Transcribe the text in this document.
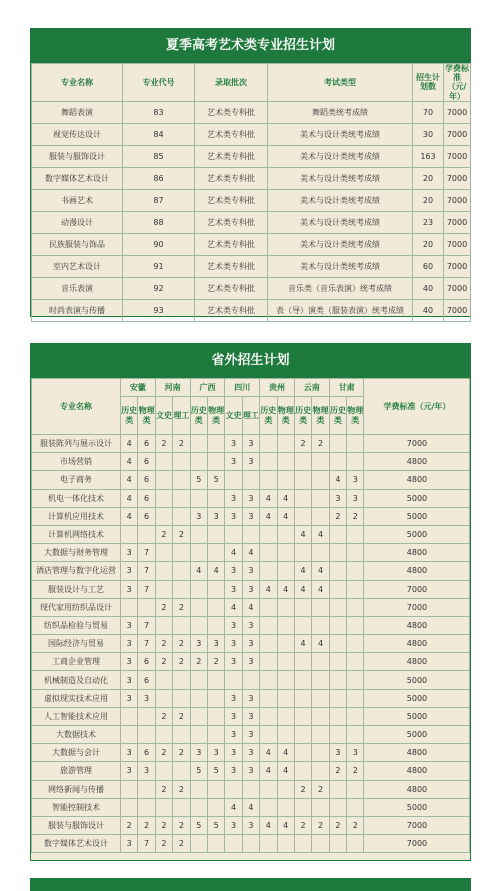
夏季高考艺术类专业招生计划
专业名称	专业代号	录取批次	考试类型	招生计划数	学费标准（元/年）
舞蹈表演	83	艺术类专科批	舞蹈类统考成绩	70	7000
视觉传达设计	84	艺术类专科批	美术与设计类统考成绩	30	7000
服装与服饰设计	85	艺术类专科批	美术与设计类统考成绩	163	7000
数字媒体艺术设计	86	艺术类专科批	美术与设计类统考成绩	20	7000
书画艺术	87	艺术类专科批	美术与设计类统考成绩	20	7000
动漫设计	88	艺术类专科批	美术与设计类统考成绩	23	7000
民族服装与饰品	90	艺术类专科批	美术与设计类统考成绩	20	7000
室内艺术设计	91	艺术类专科批	美术与设计类统考成绩	60	7000
音乐表演	92	艺术类专科批	音乐类（音乐表演）统考成绩	40	7000
时尚表演与传播	93	艺术类专科批	表（导）演类（服装表演）统考成绩	40	7000
省外招生计划
专业名称	安徽		河南		广西		四川		贵州		云南		甘肃		学费标准（元/年）
	历史类	物理类	文史	理工	历史类	物理类	文史	理工	历史类	物理类	历史类	物理类	历史类	物理类	
服装陈列与展示设计	4	6	2	2			3	3			2	2			7000
市场营销	4	6					3	3							4800
电子商务	4	6			5	5							4	3	4800
机电一体化技术	4	6					3	3	4	4			3	3	5000
计算机应用技术	4	6			3	3	3	3	4	4			2	2	5000
计算机网络技术			2	2							4	4			5000
大数据与财务管理	3	7					4	4							4800
酒店管理与数字化运营	3	7			4	4	3	3			4	4			4800
服装设计与工艺	3	7					3	3	4	4	4	4			7000
现代家用纺织品设计			2	2			4	4							7000
纺织品检验与贸易	3	7					3	3							4800
国际经济与贸易	3	7	2	2	3	3	3	3			4	4			4800
工商企业管理	3	6	2	2	2	2	3	3							4800
机械制造及自动化	3	6													5000
虚拟现实技术应用	3	3					3	3							5000
人工智能技术应用			2	2			3	3							5000
大数据技术							3	3							5000
大数据与会计	3	6	2	2	3	3	3	3	4	4			3	3	4800
旅游管理	3	3			5	5	3	3	4	4			2	2	4800
网络新闻与传播			2	2							2	2			4800
智能控制技术							4	4							5000
服装与服饰设计	2	2	2	2	5	5	3	3	4	4	2	2	2	2	7000
数字媒体艺术设计	3	7	2	2											7000
